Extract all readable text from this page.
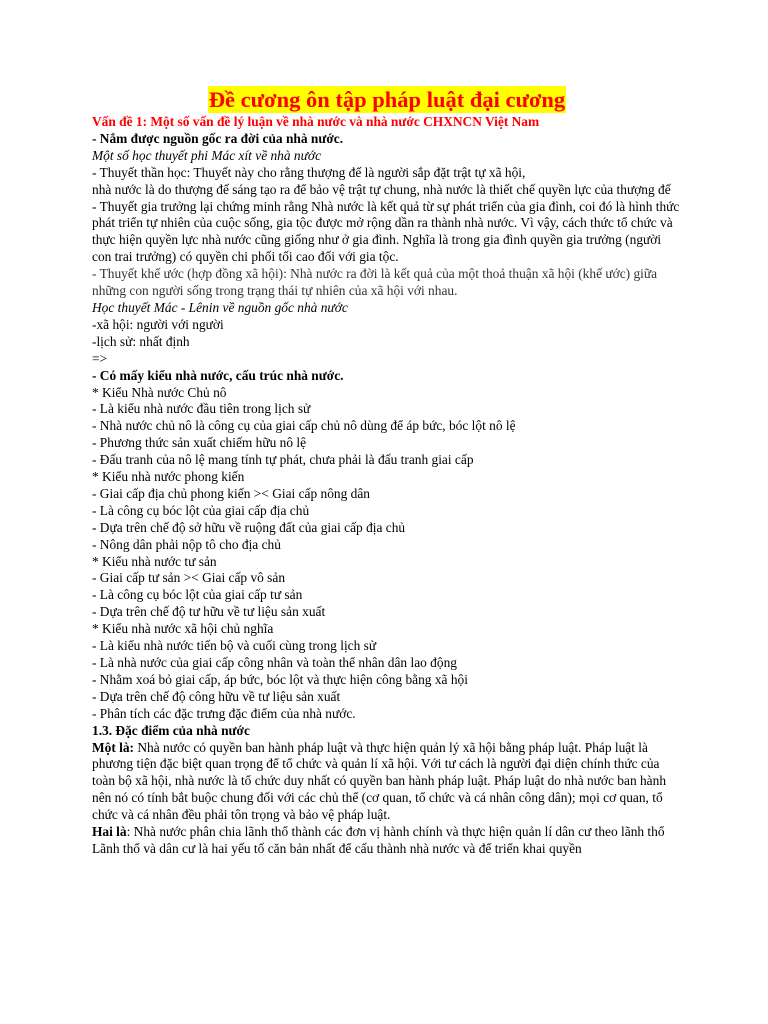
Đề cương ôn tập pháp luật đại cương
Vấn đề 1: Một số vấn đề lý luận về nhà nước và nhà nước CHXNCN Việt Nam
- Nắm được nguồn gốc ra đời của nhà nước.
Một số học thuyết phi Mác xít về nhà nước
- Thuyết thần học: Thuyết này cho rằng thượng đế là người sắp đặt trật tự xã hội,
nhà nước là do thượng đế sáng tạo ra để bảo vệ trật tự chung, nhà nước là thiết chế quyền lực của thượng đế
- Thuyết gia trưởng lại chứng minh rằng Nhà nước là kết quả từ sự phát triển của gia đình, coi đó là hình thức phát triển tự nhiên của cuộc sống, gia tộc được mở rộng dần ra thành nhà nước. Vì vậy, cách thức tổ chức và thực hiện quyền lực nhà nước cũng giống như ở gia đình. Nghĩa là trong gia đình quyền gia trưởng (người con trai trưởng) có quyền chi phối tối cao đối với gia tộc.
- Thuyết khế ước (hợp đồng xã hội): Nhà nước ra đời là kết quả của một thoả thuận xã hội (khế ước) giữa những con người sống trong trạng thái tự nhiên của xã hội với nhau.
Học thuyết Mác - Lênin về nguồn gốc nhà nước
-xã hội: người với người
-lịch sử: nhất định
=>
- Có mấy kiểu nhà nước, cấu trúc nhà nước.
* Kiểu Nhà nước Chủ nô
- Là kiểu nhà nước đầu tiên trong lịch sử
- Nhà nước chủ nô là công cụ của giai cấp chủ nô dùng để áp bức, bóc lột nô lệ
- Phương thức sản xuất chiếm hữu nô lệ
- Đấu tranh của nô lệ mang tính tự phát, chưa phải là đấu tranh giai cấp
* Kiểu nhà nước phong kiến
- Giai cấp địa chủ phong kiến >< Giai cấp nông dân
- Là công cụ bóc lột của giai cấp địa chủ
- Dựa trên chế độ sở hữu về ruộng đất của giai cấp địa chủ
- Nông dân phải nộp tô cho địa chủ
* Kiểu nhà nước tư sản
- Giai cấp tư sản >< Giai cấp vô sản
- Là công cụ bóc lột của giai cấp tư sản
- Dựa trên chế độ tư hữu về tư liệu sản xuất
* Kiểu nhà nước xã hội chủ nghĩa
- Là kiểu nhà nước tiến bộ và cuối cùng trong lịch sử
- Là nhà nước của giai cấp công nhân và toàn thể nhân dân lao động
- Nhằm xoá bỏ giai cấp, áp bức, bóc lột và thực hiện công bằng xã hội
- Dựa trên chế độ công hữu về tư liệu sản xuất
- Phân tích các đặc trưng đặc điểm của nhà nước.
1.3. Đặc điểm của nhà nước
Một là: Nhà nước có quyền ban hành pháp luật và thực hiện quản lý xã hội bằng pháp luật. Pháp luật là phương tiện đặc biệt quan trọng để tổ chức và quản lí xã hội. Với tư cách là người đại diện chính thức của toàn bộ xã hội, nhà nước là tổ chức duy nhất có quyền ban hành pháp luật. Pháp luật do nhà nước ban hành nên nó có tính bắt buộc chung đối với các chủ thể (cơ quan, tổ chức và cá nhân công dân); mọi cơ quan, tổ chức và cá nhân đều phải tôn trọng và bảo vệ pháp luật.
Hai là: Nhà nước phân chia lãnh thổ thành các đơn vị hành chính và thực hiện quản lí dân cư theo lãnh thổ
Lãnh thổ và dân cư là hai yếu tố căn bản nhất để cấu thành nhà nước và để triển khai quyền
